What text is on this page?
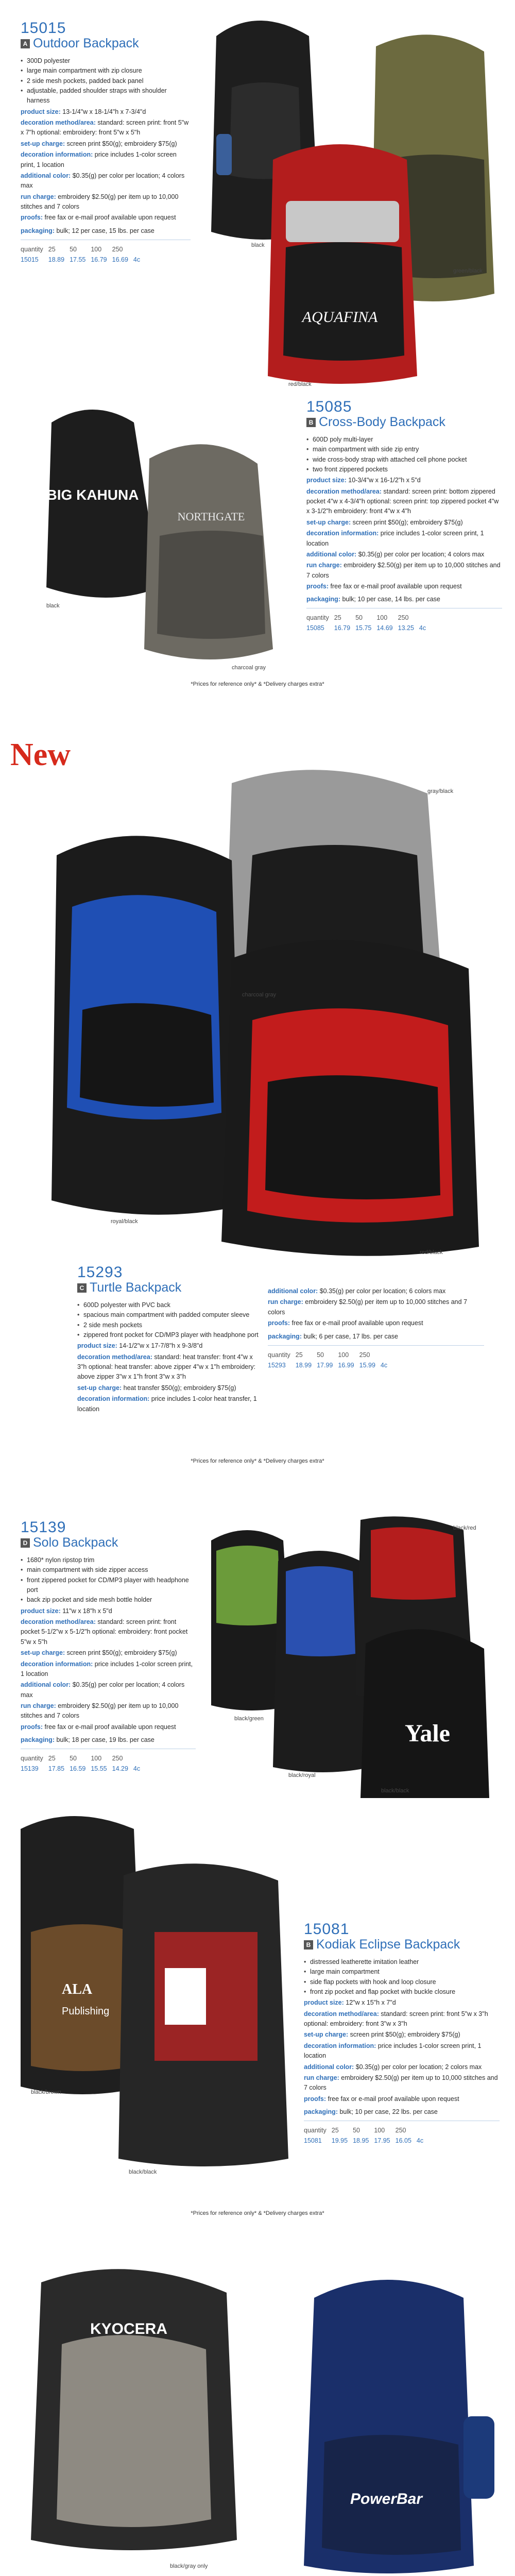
15015
A Outdoor Backpack
• 300D polyester
• large main compartment with zip closure
• 2 side mesh pockets, padded back panel
• adjustable, padded shoulder straps with shoulder harness
product size: 13-1/4"w x 18-1/4"h x 7-3/4"d
decoration method/area: standard: screen print: front 5"w x 7"h optional: embroidery: front 5"w x 5"h
set-up charge: screen print $50(g); embroidery $75(g)
decoration information: price includes 1-color screen print, 1 location
additional color: $0.35(g) per color per location; 4 colors max
run charge: embroidery $2.50(g) per item up to 10,000 stitches and 7 colors
proofs: free fax or e-mail proof available upon request
packaging: bulk; 12 per case, 15 lbs. per case
quantity	25	50	100	250	
15015	18.89	17.55	16.79	16.69	4c
AQUAFINA
black
green/black
red/black
BIG KAHUNA
NORTHGATE
black
charcoal gray
15085
B Cross-Body Backpack
• 600D poly multi-layer
• main compartment with side zip entry
• wide cross-body strap with attached cell phone pocket
• two front zippered pockets
product size: 10-3/4"w x 16-1/2"h x 5"d
decoration method/area: standard: screen print: bottom zippered pocket 4"w x 4-3/4"h optional: screen print: top zippered pocket 4"w x 3-1/2"h embroidery: front 4"w x 4"h
set-up charge: screen print $50(g); embroidery $75(g)
decoration information: price includes 1-color screen print, 1 location
additional color: $0.35(g) per color per location; 4 colors max
run charge: embroidery $2.50(g) per item up to 10,000 stitches and 7 colors
proofs: free fax or e-mail proof available upon request
packaging: bulk; 10 per case, 14 lbs. per case
quantity	25	50	100	250	
15085	16.79	15.75	14.69	13.25	4c
*Prices for reference only* & *Delivery charges extra*
New
gray/black
royal/black
red/black
charcoal gray
15293
C Turtle Backpack
• 600D polyester with PVC back
• spacious main compartment with padded computer sleeve
• 2 side mesh pockets
• zippered front pocket for CD/MP3 player with headphone port
product size: 14-1/2"w x 17-7/8"h x 9-3/8"d
decoration method/area: standard: heat transfer: front 4"w x 3"h optional: heat transfer: above zipper 4"w x 1"h embroidery: above zipper 3"w x 1"h front 3"w x 3"h
set-up charge: heat transfer $50(g); embroidery $75(g)
decoration information: price includes 1-color heat transfer, 1 location
additional color: $0.35(g) per color per location; 6 colors max
run charge: embroidery $2.50(g) per item up to 10,000 stitches and 7 colors
proofs: free fax or e-mail proof available upon request
packaging: bulk; 6 per case, 17 lbs. per case
quantity	25	50	100	250	
15293	18.99	17.99	16.99	15.99	4c
*Prices for reference only* & *Delivery charges extra*
15139
D Solo Backpack
• 1680* nylon ripstop trim
• main compartment with side zipper access
• front zippered pocket for CD/MP3 player with headphone port
• back zip pocket and side mesh bottle holder
product size: 11"w x 18"h x 5"d
decoration method/area: standard: screen print: front pocket 5-1/2"w x 5-1/2"h optional: embroidery: front pocket 5"w x 5"h
set-up charge: screen print $50(g); embroidery $75(g)
decoration information: price includes 1-color screen print, 1 location
additional color: $0.35(g) per color per location; 4 colors max
run charge: embroidery $2.50(g) per item up to 10,000 stitches and 7 colors
proofs: free fax or e-mail proof available upon request
packaging: bulk; 18 per case, 19 lbs. per case
quantity	25	50	100	250	
15139	17.85	16.59	15.55	14.29	4c
Yale
black/red
black/green
black/royal
black/black
ALA
Publishing
black/brown
black/black
15081
B Kodiak Eclipse Backpack
• distressed leatherette imitation leather
• large main compartment
• side flap pockets with hook and loop closure
• front zip pocket and flap pocket with buckle closure
product size: 12"w x 15"h x 7"d
decoration method/area: standard: screen print: front 5"w x 3"h optional: embroidery: front 3"w x 3"h
set-up charge: screen print $50(g); embroidery $75(g)
decoration information: price includes 1-color screen print, 1 location
additional color: $0.35(g) per color per location; 2 colors max
run charge: embroidery $2.50(g) per item up to 10,000 stitches and 7 colors
proofs: free fax or e-mail proof available upon request
packaging: bulk; 10 per case, 22 lbs. per case
quantity	25	50	100	250	
15081	19.95	18.95	17.95	16.05	4c
*Prices for reference only* & *Delivery charges extra*
KYOCERA
black/gray only
PowerBar
